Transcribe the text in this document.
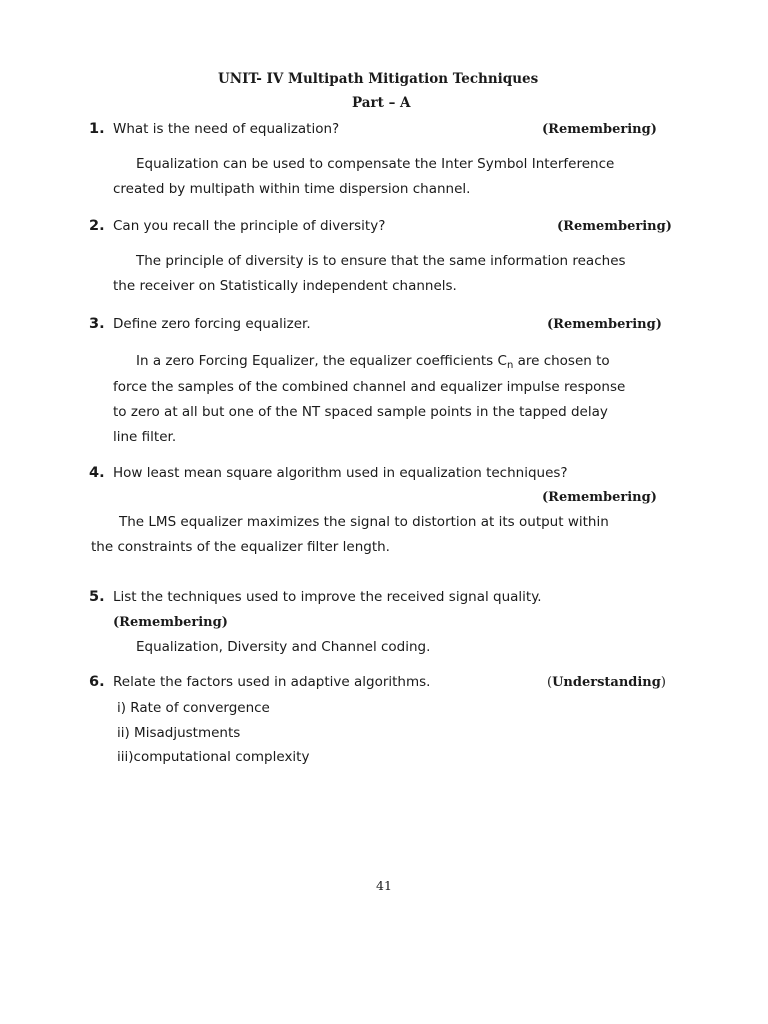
UNIT- IV Multipath Mitigation Techniques
Part – A
1. What is the need of equalization?	(Remembering)
Equalization can be used to compensate the Inter Symbol Interference
created by multipath within time dispersion channel.
2. Can you recall the principle of diversity?	(Remembering)
The principle of diversity is to ensure that the same information reaches
the receiver on Statistically independent channels.
3. Define zero forcing equalizer.	(Remembering)
In a zero Forcing Equalizer, the equalizer coefficients $C_n$ are chosen to
force the samples of the combined channel and equalizer impulse response
to zero at all but one of the NT spaced sample points in the tapped delay
line filter.
4. How least mean square algorithm used in equalization techniques?
(Remembering)
The LMS equalizer maximizes the signal to distortion at its output within
the constraints of the equalizer filter length.
5. List the techniques used to improve the received signal quality.
(Remembering)
Equalization, Diversity and Channel coding.
6. Relate the factors used in adaptive algorithms.	(Understanding)
i) Rate of convergence
ii) Misadjustments
iii)computational complexity
41
